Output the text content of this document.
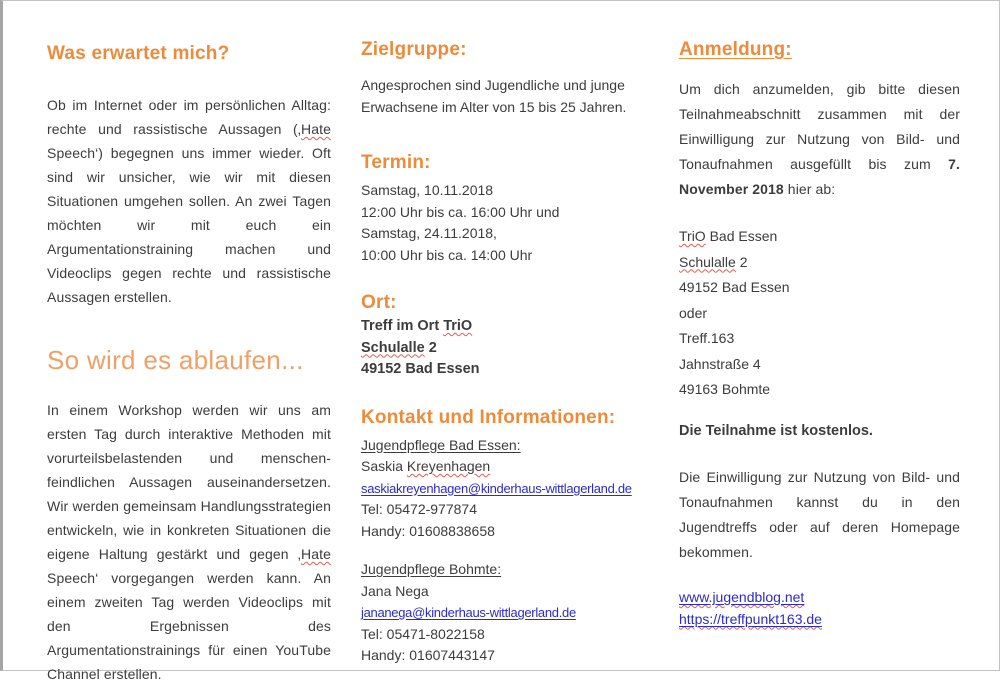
Was erwartet mich?

Ob im Internet oder im persönlichen Alltag: rechte und rassistische Aussagen (‚Hate Speech‘) begegnen uns immer wieder. Oft sind wir unsicher, wie wir mit diesen Situationen umgehen sollen. An zwei Tagen möchten wir mit euch ein Argumentationstraining machen und Videoclips gegen rechte und rassistische Aussagen erstellen.

So wird es ablaufen...

In einem Workshop werden wir uns am ersten Tag durch interaktive Methoden mit vorurteilsbelastenden und menschen-feindlichen Aussagen auseinandersetzen. Wir werden gemeinsam Handlungsstrategien entwickeln, wie in konkreten Situationen die eigene Haltung gestärkt und gegen ‚Hate Speech‘ vorgegangen werden kann. An einem zweiten Tag werden Videoclips mit den Ergebnissen des Argumentationstrainings für einen YouTube Channel erstellen.

Zielgruppe:
Angesprochen sind Jugendliche und junge Erwachsene im Alter von 15 bis 25 Jahren.
Termin:
Samstag, 10.11.2018
12:00 Uhr bis ca. 16:00 Uhr und
Samstag, 24.11.2018,
10:00 Uhr bis ca. 14:00 Uhr
Ort:
Treff im Ort TriO
Schulalle 2
49152 Bad Essen
Kontakt und Informationen:
Jugendpflege Bad Essen:
Saskia Kreyenhagen
saskiakreyenhagen@kinderhaus-wittlagerland.de
Tel: 05472-977874
Handy: 01608838658
Jugendpflege Bohmte:
Jana Nega
jananega@kinderhaus-wittlagerland.de
Tel: 05471-8022158
Handy: 01607443147
Anmeldung:

Um dich anzumelden, gib bitte diesen Teilnahmeabschnitt zusammen mit der Einwilligung zur Nutzung von Bild- und Tonaufnahmen ausgefüllt bis zum 7. November 2018 hier ab:

TriO Bad Essen
Schulalle 2
49152 Bad Essen
oder
Treff.163
Jahnstraße 4
49163 Bohmte
Die Teilnahme ist kostenlos.

Die Einwilligung zur Nutzung von Bild- und Tonaufnahmen kannst du in den Jugendtreffs oder auf deren Homepage bekommen.

www.jugendblog.net
https://treffpunkt163.de
